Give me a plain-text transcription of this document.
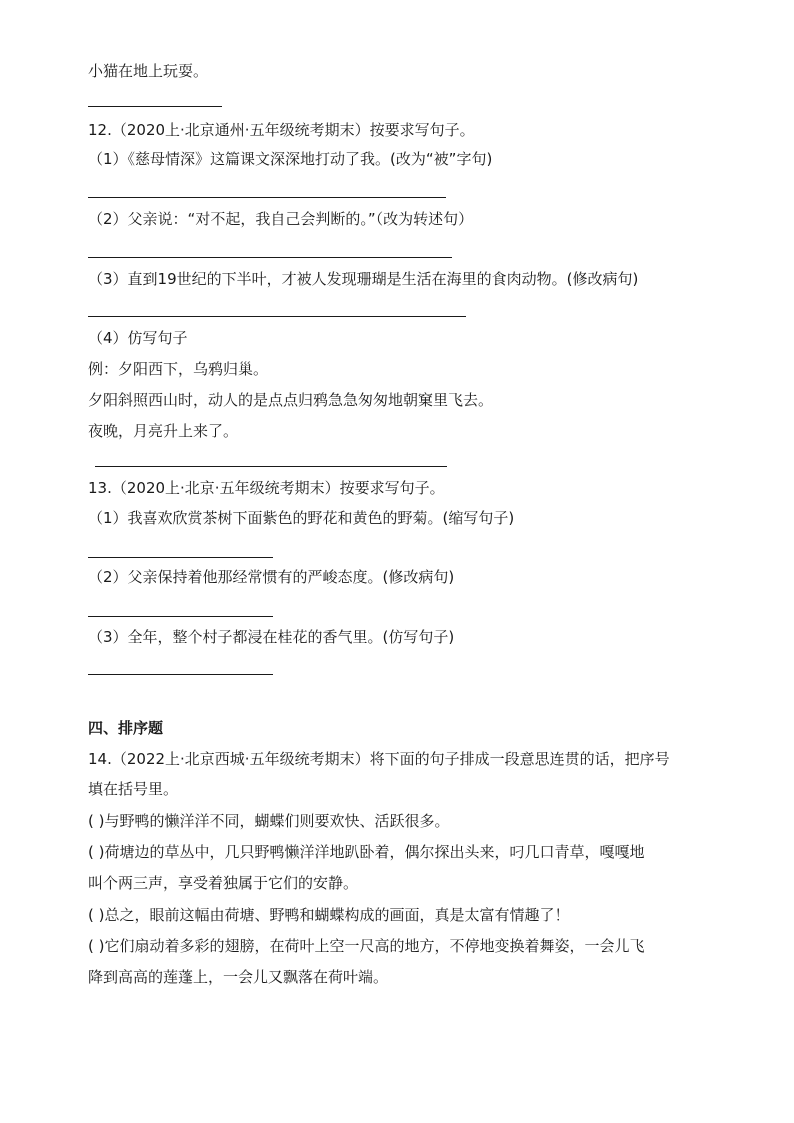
小猫在地上玩耍。
12.（2020上·北京通州·五年级统考期末）按要求写句子。
（1）《慈母情深》这篇课文深深地打动了我。(改为“被”字句)
（2）父亲说：“对不起，我自己会判断的。”（改为转述句）
（3）直到19世纪的下半叶，才被人发现珊瑚是生活在海里的食肉动物。(修改病句)
（4）仿写句子
例：夕阳西下，乌鸦归巢。
夕阳斜照西山时，动人的是点点归鸦急急匆匆地朝窠里飞去。
夜晚，月亮升上来了。
13.（2020上·北京·五年级统考期末）按要求写句子。
（1）我喜欢欣赏茶树下面紫色的野花和黄色的野菊。(缩写句子)
（2）父亲保持着他那经常惯有的严峻态度。(修改病句)
（3）全年，整个村子都浸在桂花的香气里。(仿写句子)
四、排序题
14.（2022上·北京西城·五年级统考期末）将下面的句子排成一段意思连贯的话，把序号
填在括号里。
( )与野鸭的懒洋洋不同，蝴蝶们则要欢快、活跃很多。
( )荷塘边的草丛中，几只野鸭懒洋洋地趴卧着，偶尔探出头来，叼几口青草，嘎嘎地
叫个两三声，享受着独属于它们的安静。
( )总之，眼前这幅由荷塘、野鸭和蝴蝶构成的画面，真是太富有情趣了！
( )它们扇动着多彩的翅膀，在荷叶上空一尺高的地方，不停地变换着舞姿，一会儿飞
降到高高的莲蓬上，一会儿又飘落在荷叶端。
